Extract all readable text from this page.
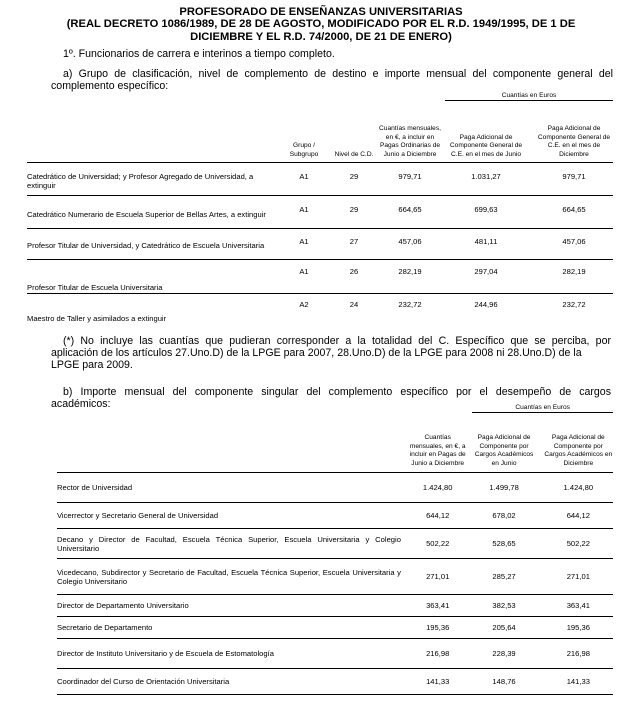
PROFESORADO DE ENSEÑANZAS UNIVERSITARIAS

(REAL DECRETO 1086/1989, DE 28 DE AGOSTO, MODIFICADO POR EL R.D. 1949/1995, DE 1 DE

DICIEMBRE Y EL R.D. 74/2000, DE 21 DE ENERO)

1º. Funcionarios de carrera e interinos a tiempo completo.
a) Grupo de clasificación, nivel de complemento de destino e importe mensual del componente general del
complemento específico:
					Cuantías en Euros		
	Grupo / Subgrupo	Nivel de C.D.	Cuantías mensuales, en €, a incluir en Pagas Ordinarias de Junio a Diciembre		Paga Adicional de Componente General de C.E. en el mes de Junio		Paga Adicional de Componente General de C.E. en el mes de Diciembre
Catedrático de Universidad; y Profesor Agregado de Universidad, a extinguir	A1	29	979,71		1.031,27		979,71
Catedrático Numerario de Escuela Superior de Bellas Artes, a extinguir	A1	29	664,65		699,63		664,65
Profesor Titular de Universidad, y Catedrático de Escuela Universitaria	A1	27	457,06		481,11		457,06
Profesor Titular de Escuela Universitaria	A1	26	282,19		297,04		282,19
Maestro de Taller y asimilados a extinguir	A2	24	232,72		244,96		232,72
(*) No incluye las cuantías que pudieran corresponder a la totalidad del C. Específico que se perciba, por
aplicación de los artículos 27.Uno.D) de la LPGE para 2007, 28.Uno.D) de la LPGE para 2008 ni 28.Uno.D) de la
LPGE para 2009.
b) Importe mensual del componente singular del complemento específico por el desempeño de cargos
académicos:
			Cuantías en Euros		
	Cuantías mensuales, en €, a incluir en Pagas de Junio a Diciembre		Paga Adicional de Componente por Cargos Académicos en Junio		Paga Adicional de Componente por Cargos Académicos en Diciembre
Rector de Universidad	1.424,80		1.499,78		1.424,80
Vicerrector y Secretario General de Universidad	644,12		678,02		644,12
Decano y Director de Facultad, Escuela Técnica Superior, Escuela Universitaria y Colegio Universitario	502,22		528,65		502,22
Vicedecano, Subdirector y Secretario de Facultad, Escuela Técnica Superior, Escuela Universitaria y Colegio Universitario	271,01		285,27		271,01
Director de Departamento Universitario	363,41		382,53		363,41
Secretario de Departamento	195,36		205,64		195,36
Director de Instituto Universitario y de Escuela de Estomatología	216,98		228,39		216,98
Coordinador del Curso de Orientación Universitaria	141,33		148,76		141,33
